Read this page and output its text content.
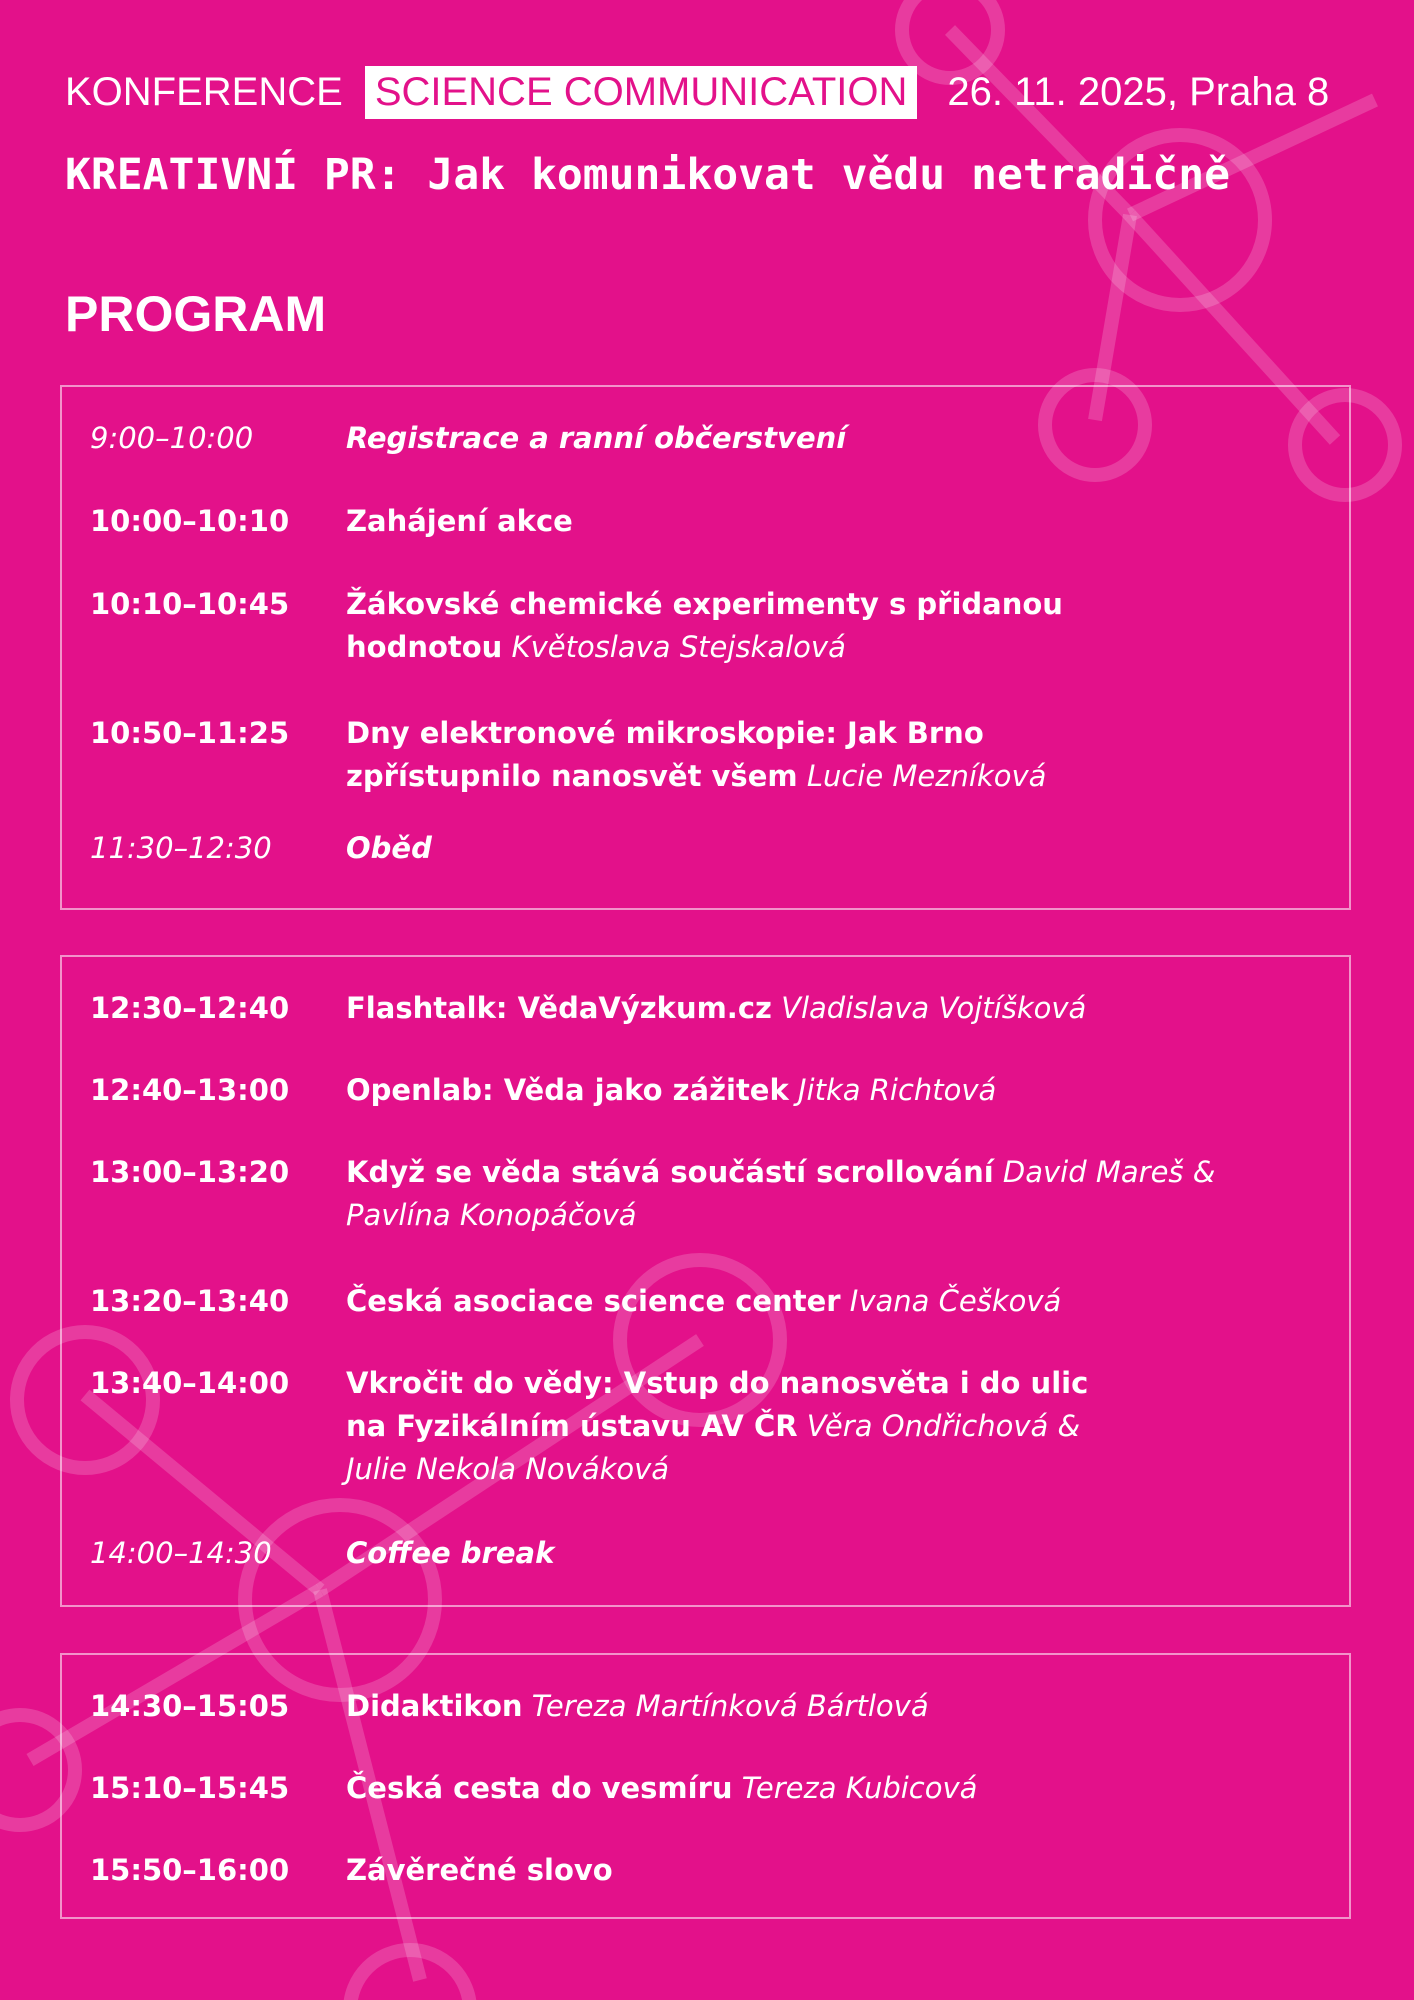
KONFERENCE SCIENCE COMMUNICATION 26. 11. 2025, Praha 8
KREATIVNÍ PR: Jak komunikovat vědu netradičně
PROGRAM
9:00–10:00	Registrace a ranní občerstvení
10:00–10:10 Zahájení akce
10:10–10:45 Žákovské chemické experimenty s přidanou hodnotou Květoslava Stejskalová
10:50–11:25 Dny elektronové mikroskopie: Jak Brno zpřístupnilo nanosvět všem Lucie Mezníková
11:30–12:30	Oběd
12:30–12:40 Flashtalk: VědaVýzkum.cz Vladislava Vojtíšková
12:40–13:00 Openlab: Věda jako zážitek Jitka Richtová
13:00–13:20 Když se věda stává součástí scrollování David Mareš & Pavlína Konopáčová
13:20–13:40 Česká asociace science center Ivana Češková
13:40–14:00 Vkročit do vědy: Vstup do nanosvěta i do ulic na Fyzikálním ústavu AV ČR Věra Ondřichová & Julie Nekola Nováková
14:00–14:30	Coffee break
14:30–15:05 Didaktikon Tereza Martínková Bártlová
15:10–15:45 Česká cesta do vesmíru Tereza Kubicová
15:50–16:00 Závěrečné slovo
